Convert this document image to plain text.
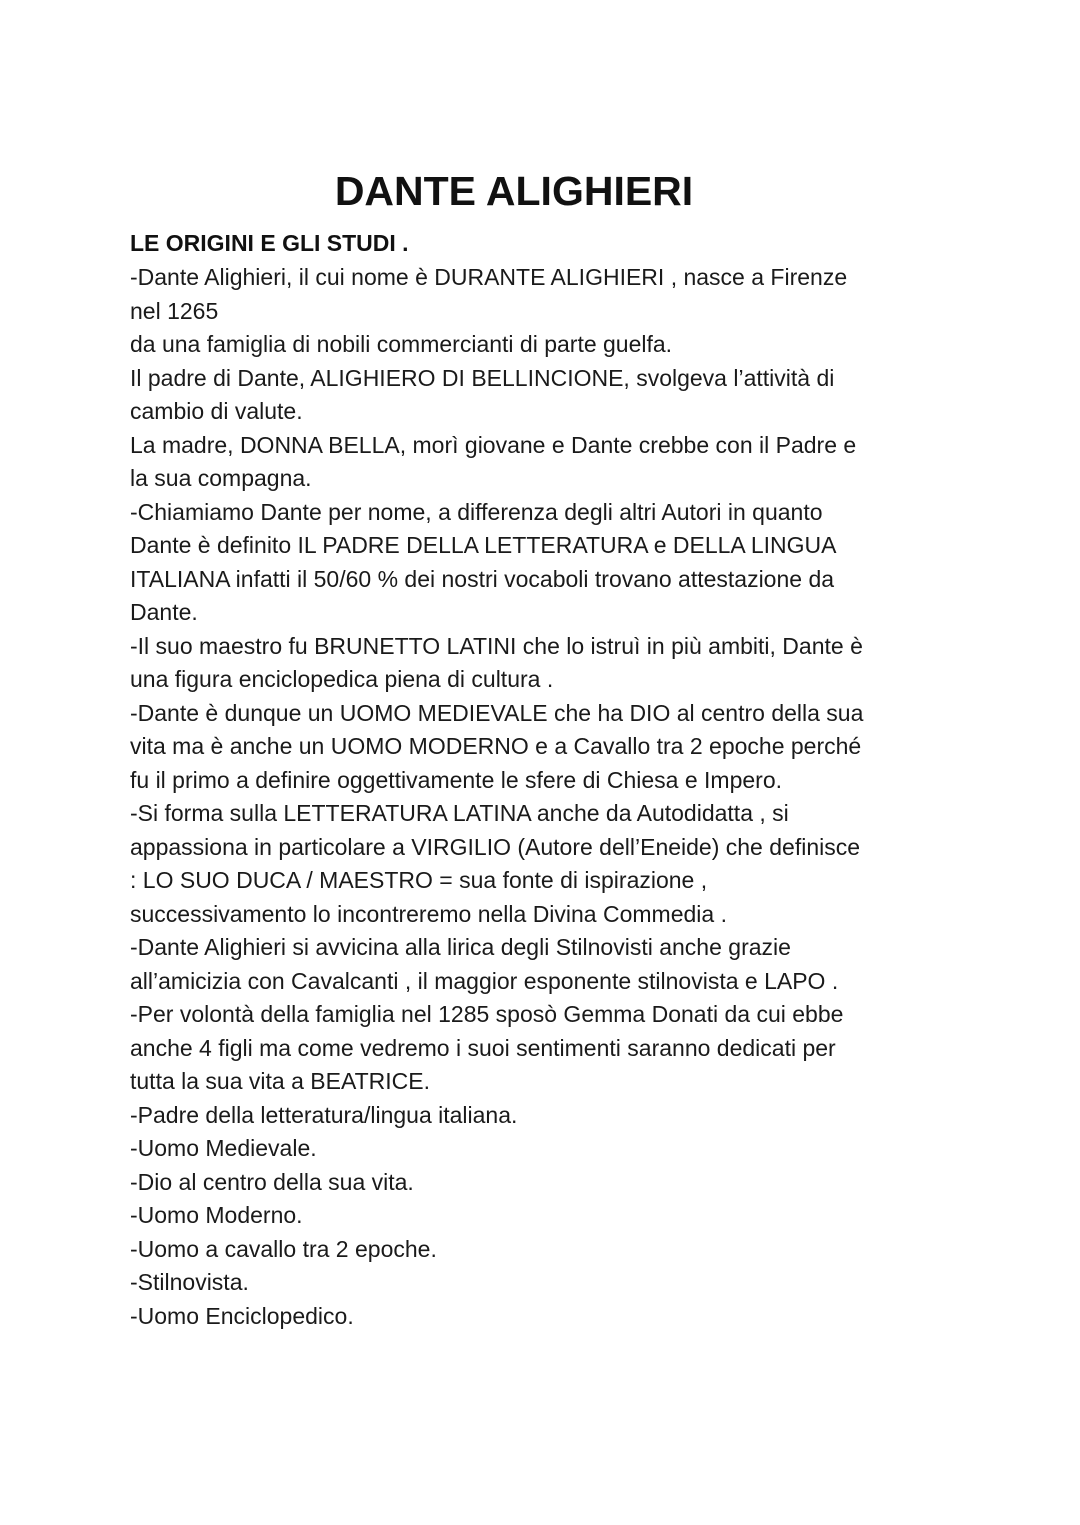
DANTE ALIGHIERI
LE ORIGINI E GLI STUDI .
-Dante Alighieri, il cui nome è DURANTE ALIGHIERI , nasce a Firenze
nel 1265
da una famiglia di nobili commercianti di parte guelfa.
Il padre di Dante, ALIGHIERO DI BELLINCIONE, svolgeva l’attività di
cambio di valute.
La madre, DONNA BELLA, morì giovane e Dante crebbe con il Padre e
la sua compagna.
-Chiamiamo Dante per nome, a differenza degli altri Autori in quanto
Dante è definito IL PADRE DELLA LETTERATURA e DELLA LINGUA
ITALIANA infatti il 50/60 % dei nostri vocaboli trovano attestazione da
Dante.
-Il suo maestro fu BRUNETTO LATINI che lo istruì in più ambiti, Dante è
una figura enciclopedica piena di cultura .
-Dante è dunque un UOMO MEDIEVALE che ha DIO al centro della sua
vita ma è anche un UOMO MODERNO e a Cavallo tra 2 epoche perché
fu il primo a definire oggettivamente le sfere di Chiesa e Impero.
-Si forma sulla LETTERATURA LATINA anche da Autodidatta , si
appassiona in particolare a VIRGILIO (Autore dell’Eneide) che definisce
: LO SUO DUCA / MAESTRO = sua fonte di ispirazione ,
successivamento lo incontreremo nella Divina Commedia .
-Dante Alighieri si avvicina alla lirica degli Stilnovisti anche grazie
all’amicizia con Cavalcanti , il maggior esponente stilnovista e LAPO .
-Per volontà della famiglia nel 1285 sposò Gemma Donati da cui ebbe
anche 4 figli ma come vedremo i suoi sentimenti saranno dedicati per
tutta la sua vita a BEATRICE.
-Padre della letteratura/lingua italiana.
-Uomo Medievale.
-Dio al centro della sua vita.
-Uomo Moderno.
-Uomo a cavallo tra 2 epoche.
-Stilnovista.
-Uomo Enciclopedico.
